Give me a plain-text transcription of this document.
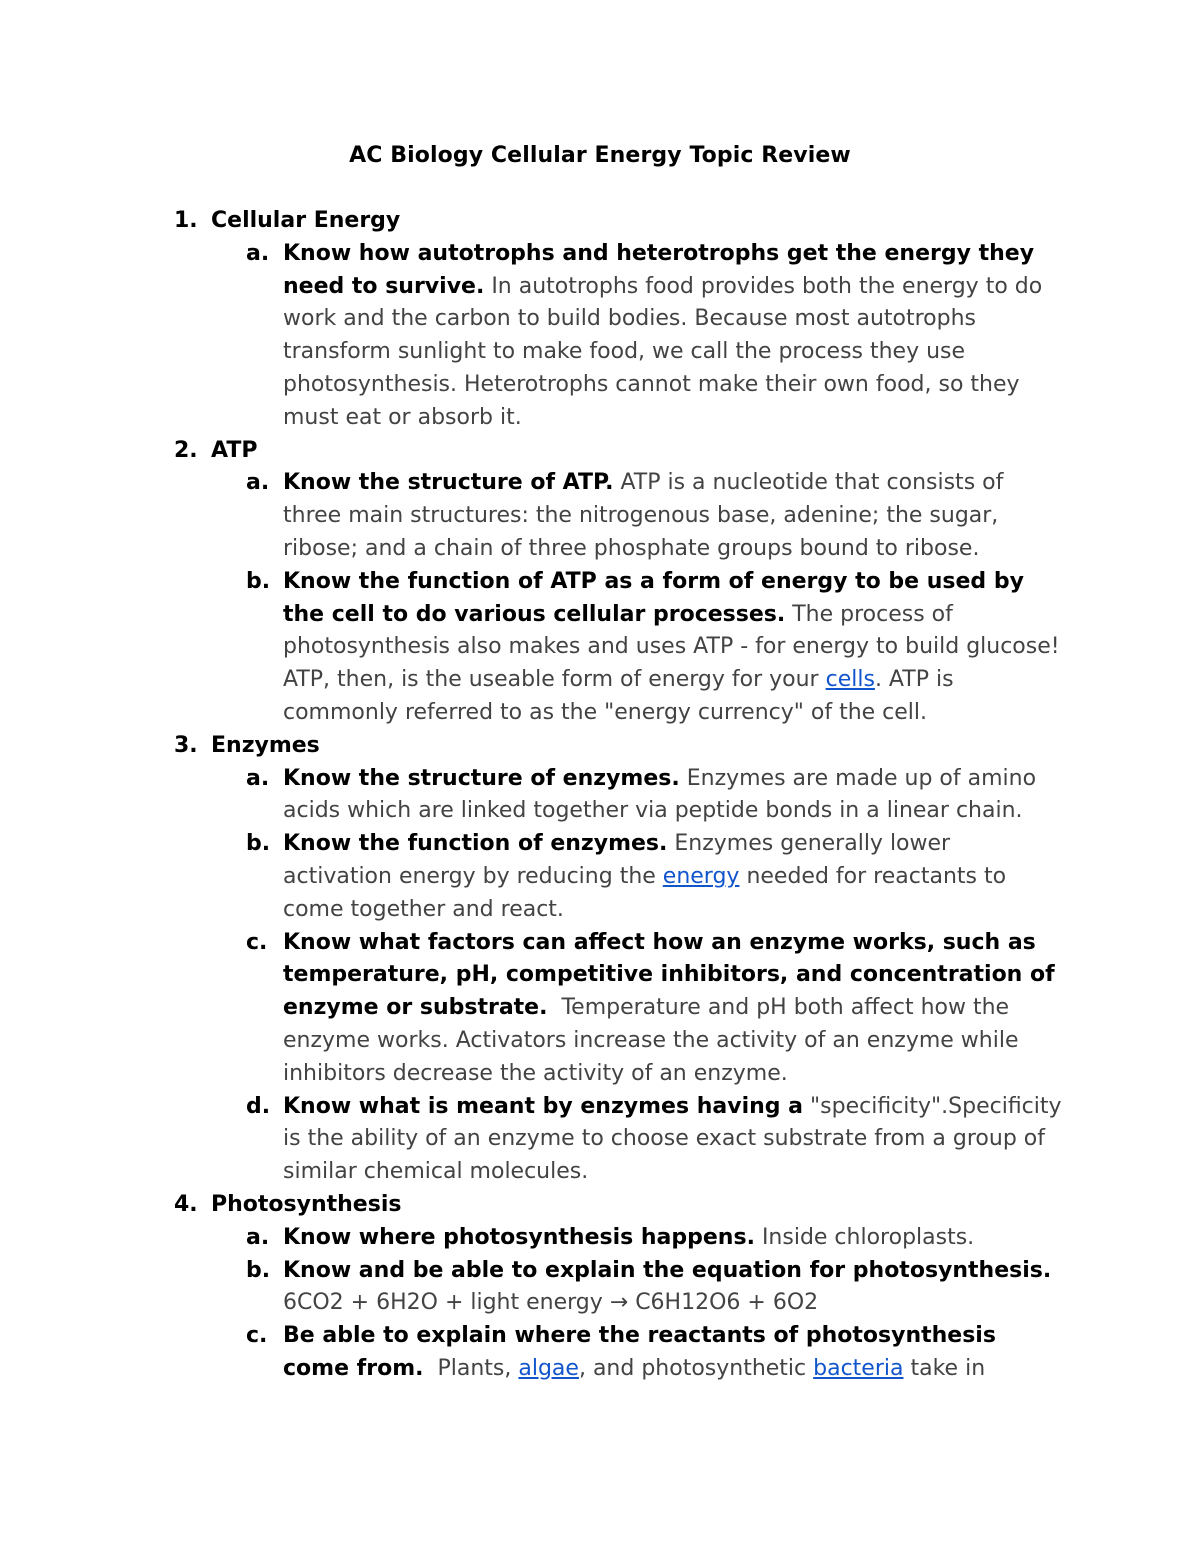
AC Biology Cellular Energy Topic Review
1. Cellular Energy
a. Know how autotrophs and heterotrophs get the energy they need to survive. In autotrophs food provides both the energy to do work and the carbon to build bodies. Because most autotrophs transform sunlight to make food, we call the process they use photosynthesis. Heterotrophs cannot make their own food, so they must eat or absorb it.
2. ATP
a. Know the structure of ATP. ATP is a nucleotide that consists of three main structures: the nitrogenous base, adenine; the sugar, ribose; and a chain of three phosphate groups bound to ribose.
b. Know the function of ATP as a form of energy to be used by the cell to do various cellular processes. The process of photosynthesis also makes and uses ATP - for energy to build glucose! ATP, then, is the useable form of energy for your cells. ATP is commonly referred to as the "energy currency" of the cell.
3. Enzymes
a. Know the structure of enzymes. Enzymes are made up of amino acids which are linked together via peptide bonds in a linear chain.
b. Know the function of enzymes. Enzymes generally lower activation energy by reducing the energy needed for reactants to come together and react.
c. Know what factors can affect how an enzyme works, such as temperature, pH, competitive inhibitors, and concentration of enzyme or substrate. Temperature and pH both affect how the enzyme works. Activators increase the activity of an enzyme while inhibitors decrease the activity of an enzyme.
d. Know what is meant by enzymes having a "specificity".Specificity is the ability of an enzyme to choose exact substrate from a group of similar chemical molecules.
4. Photosynthesis
a. Know where photosynthesis happens. Inside chloroplasts.
b. Know and be able to explain the equation for photosynthesis.
6CO2 + 6H2O + light energy → C6H12O6 + 6O2
c. Be able to explain where the reactants of photosynthesis come from. Plants, algae, and photosynthetic bacteria take in
